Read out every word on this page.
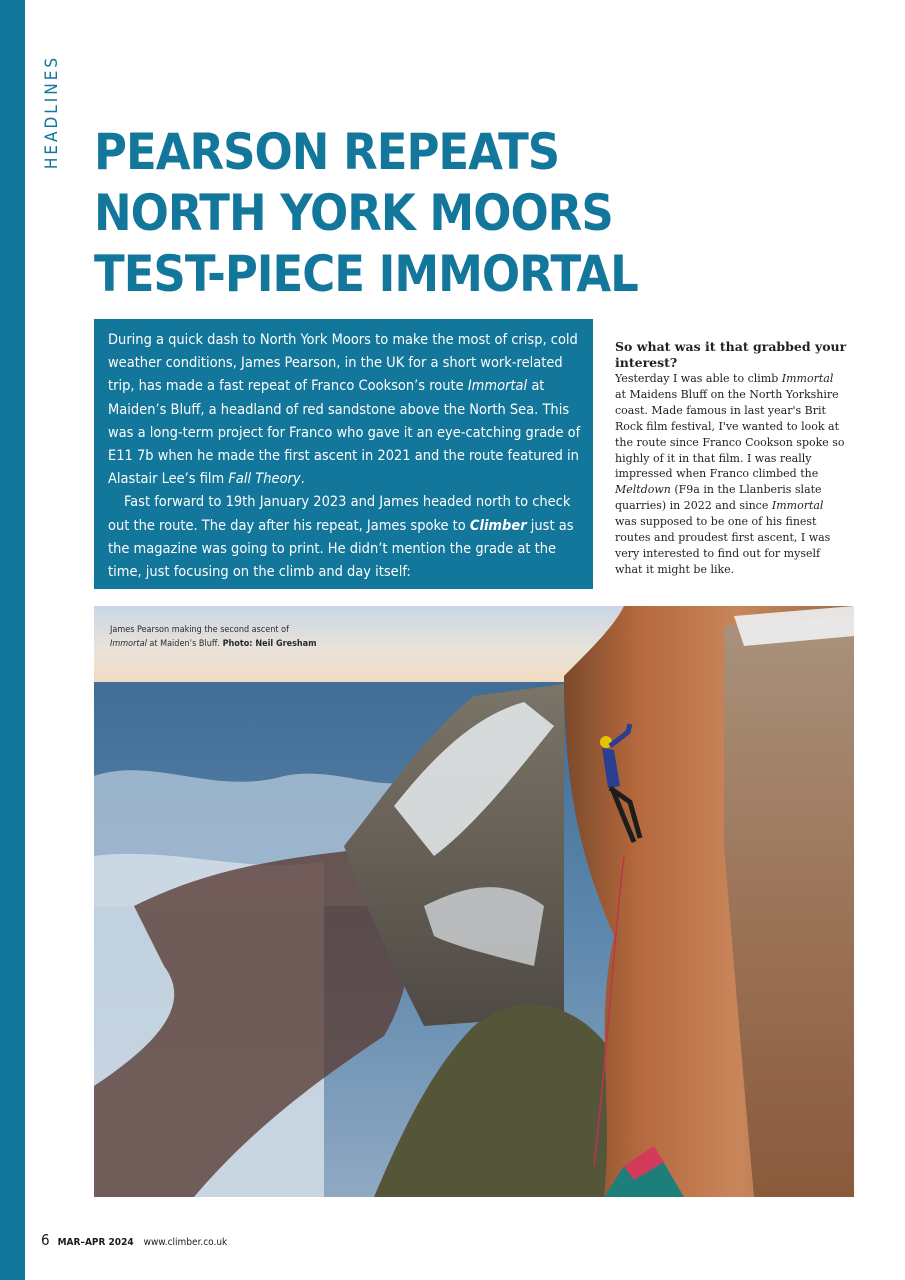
HEADLINES PEARSON REPEATS
NORTH YORK MOORS
TEST-PIECE IMMORTAL

During a quick dash to North York Moors to make the most of crisp, cold weather conditions, James Pearson, in the UK for a short work-related trip, has made a fast repeat of Franco Cookson’s route Immortal at Maiden’s Bluff, a headland of red sandstone above the North Sea. This was a long-term project for Franco who gave it an eye-catching grade of E11 7b when he made the first ascent in 2021 and the route featured in Alastair Lee’s film Fall Theory.

Fast forward to 19th January 2023 and James headed north to check out the route. The day after his repeat, James spoke to Climber just as the magazine was going to print. He didn’t mention the grade at the time, just focusing on the climb and day itself:

So what was it that grabbed your interest?

Yesterday I was able to climb Immortal at Maidens Bluff on the North Yorkshire coast. Made famous in last year's Brit Rock film festival, I've wanted to look at the route since Franco Cookson spoke so highly of it in that film. I was really impressed when Franco climbed the Meltdown (F9a in the Llanberis slate quarries) in 2022 and since Immortal was supposed to be one of his finest routes and proudest first ascent, I was very interested to find out for myself what it might be like.

James Pearson making the second ascent of
Immortal at Maiden’s Bluff. Photo: Neil Gresham
6 MAR–APR 2024 www.climber.co.uk
